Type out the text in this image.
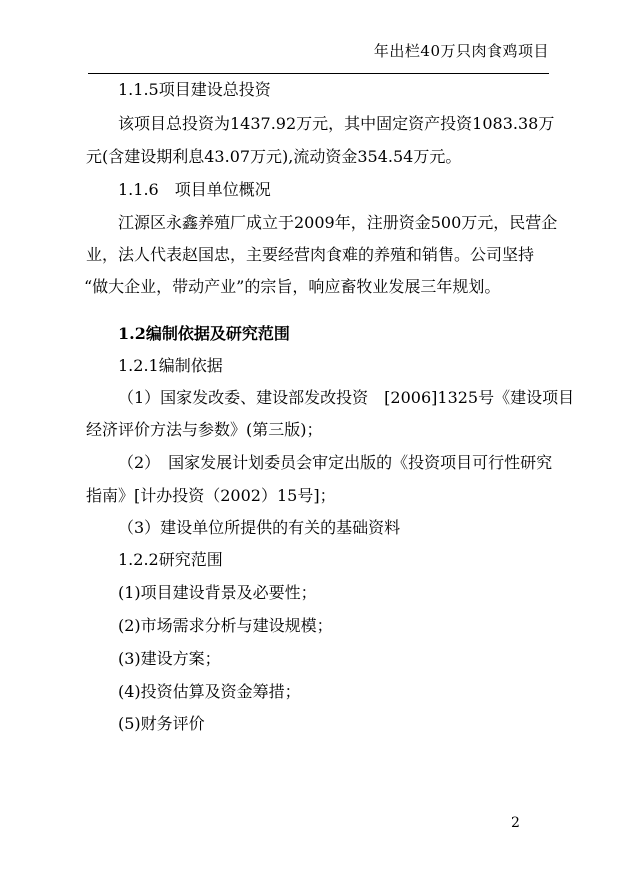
年出栏40万只肉食鸡项目
1.1.5项目建设总投资
该项目总投资为1437.92万元，其中固定资产投资1083.38万
元(含建设期利息43.07万元),流动资金354.54万元。
1.1.6　项目单位概况
江源区永鑫养殖厂成立于2009年，注册资金500万元，民营企
业，法人代表赵国忠，主要经营肉食难的养殖和销售。公司坚持
“做大企业，带动产业”的宗旨，响应畜牧业发展三年规划。
1.2编制依据及研究范围
1.2.1编制依据
（1）国家发改委、建设部发改投资　[2006]1325号《建设项目
经济评价方法与参数》(第三版)；
（2）　国家发展计划委员会审定出版的《投资项目可行性研究
指南》[计办投资（2002）15号]；
（3）建设单位所提供的有关的基础资料
1.2.2研究范围
(1)项目建设背景及必要性；
(2)市场需求分析与建设规模；
(3)建设方案；
(4)投资估算及资金筹措；
(5)财务评价
2
